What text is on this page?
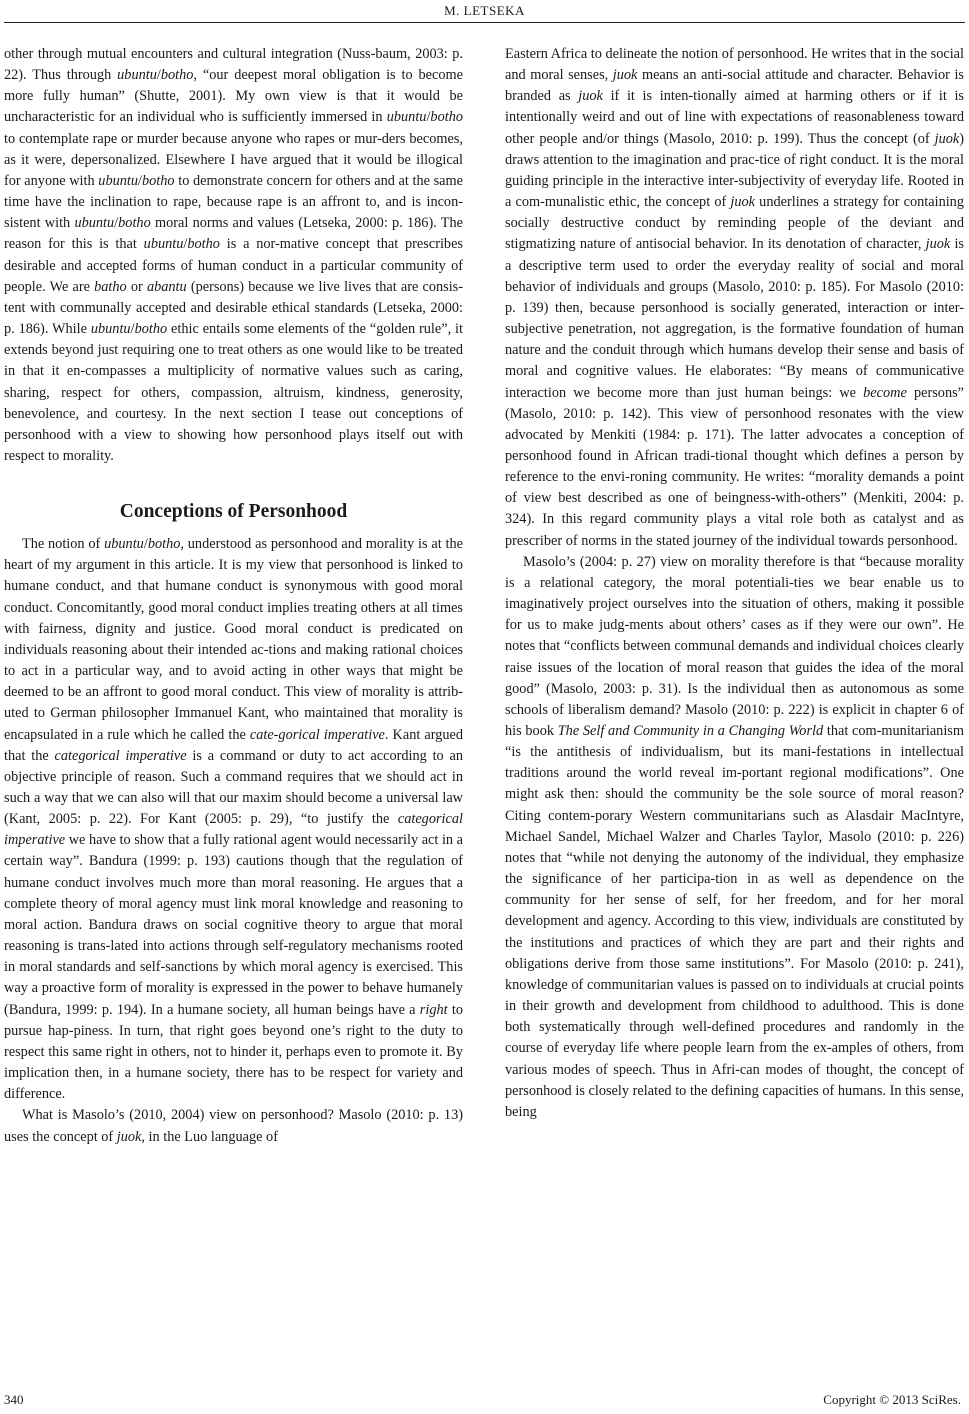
M. LETSEKA

other through mutual encounters and cultural integration (Nuss-baum, 2003: p. 22). Thus through ubuntu/botho, “our deepest moral obligation is to become more fully human” (Shutte, 2001). My own view is that it would be uncharacteristic for an individual who is sufficiently immersed in ubuntu/botho to contemplate rape or murder because anyone who rapes or mur-ders becomes, as it were, depersonalized. Elsewhere I have argued that it would be illogical for anyone with ubuntu/botho to demonstrate concern for others and at the same time have the inclination to rape, because rape is an affront to, and is incon-sistent with ubuntu/botho moral norms and values (Letseka, 2000: p. 186). The reason for this is that ubuntu/botho is a nor-mative concept that prescribes desirable and accepted forms of human conduct in a particular community of people. We are batho or abantu (persons) because we live lives that are consis-tent with communally accepted and desirable ethical standards (Letseka, 2000: p. 186). While ubuntu/botho ethic entails some elements of the “golden rule”, it extends beyond just requiring one to treat others as one would like to be treated in that it en-compasses a multiplicity of normative values such as caring, sharing, respect for others, compassion, altruism, kindness, generosity, benevolence, and courtesy. In the next section I tease out conceptions of personhood with a view to showing how personhood plays itself out with respect to morality.

Conceptions of Personhood

The notion of ubuntu/botho, understood as personhood and morality is at the heart of my argument in this article. It is my view that personhood is linked to humane conduct, and that humane conduct is synonymous with good moral conduct. Concomitantly, good moral conduct implies treating others at all times with fairness, dignity and justice. Good moral conduct is predicated on individuals reasoning about their intended ac-tions and making rational choices to act in a particular way, and to avoid acting in other ways that might be deemed to be an affront to good moral conduct. This view of morality is attrib-uted to German philosopher Immanuel Kant, who maintained that morality is encapsulated in a rule which he called the cate-gorical imperative. Kant argued that the categorical imperative is a command or duty to act according to an objective principle of reason. Such a command requires that we should act in such a way that we can also will that our maxim should become a universal law (Kant, 2005: p. 22). For Kant (2005: p. 29), “to justify the categorical imperative we have to show that a fully rational agent would necessarily act in a certain way”. Bandura (1999: p. 193) cautions though that the regulation of humane conduct involves much more than moral reasoning. He argues that a complete theory of moral agency must link moral knowledge and reasoning to moral action. Bandura draws on social cognitive theory to argue that moral reasoning is trans-lated into actions through self-regulatory mechanisms rooted in moral standards and self-sanctions by which moral agency is exercised. This way a proactive form of morality is expressed in the power to behave humanely (Bandura, 1999: p. 194). In a humane society, all human beings have a right to pursue hap-piness. In turn, that right goes beyond one’s right to the duty to respect this same right in others, not to hinder it, perhaps even to promote it. By implication then, in a humane society, there has to be respect for variety and difference.

What is Masolo’s (2010, 2004) view on personhood? Masolo (2010: p. 13) uses the concept of juok, in the Luo language of

Eastern Africa to delineate the notion of personhood. He writes that in the social and moral senses, juok means an anti-social attitude and character. Behavior is branded as juok if it is inten-tionally aimed at harming others or if it is intentionally weird and out of line with expectations of reasonableness toward other people and/or things (Masolo, 2010: p. 199). Thus the concept (of juok) draws attention to the imagination and prac-tice of right conduct. It is the moral guiding principle in the interactive inter-subjectivity of everyday life. Rooted in a com-munalistic ethic, the concept of juok underlines a strategy for containing socially destructive conduct by reminding people of the deviant and stigmatizing nature of antisocial behavior. In its denotation of character, juok is a descriptive term used to order the everyday reality of social and moral behavior of individuals and groups (Masolo, 2010: p. 185). For Masolo (2010: p. 139) then, because personhood is socially generated, interaction or inter-subjective penetration, not aggregation, is the formative foundation of human nature and the conduit through which humans develop their sense and basis of moral and cognitive values. He elaborates: “By means of communicative interaction we become more than just human beings: we become persons” (Masolo, 2010: p. 142). This view of personhood resonates with the view advocated by Menkiti (1984: p. 171). The latter advocates a conception of personhood found in African tradi-tional thought which defines a person by reference to the envi-roning community. He writes: “morality demands a point of view best described as one of beingness-with-others” (Menkiti, 2004: p. 324). In this regard community plays a vital role both as catalyst and as prescriber of norms in the stated journey of the individual towards personhood.

Masolo’s (2004: p. 27) view on morality therefore is that “because morality is a relational category, the moral potentiali-ties we bear enable us to imaginatively project ourselves into the situation of others, making it possible for us to make judg-ments about others’ cases as if they were our own”. He notes that “conflicts between communal demands and individual choices clearly raise issues of the location of moral reason that guides the idea of the moral good” (Masolo, 2003: p. 31). Is the individual then as autonomous as some schools of liberalism demand? Masolo (2010: p. 222) is explicit in chapter 6 of his book The Self and Community in a Changing World that com-munitarianism “is the antithesis of individualism, but its mani-festations in intellectual traditions around the world reveal im-portant regional modifications”. One might ask then: should the community be the sole source of moral reason? Citing contem-porary Western communitarians such as Alasdair MacIntyre, Michael Sandel, Michael Walzer and Charles Taylor, Masolo (2010: p. 226) notes that “while not denying the autonomy of the individual, they emphasize the significance of her participa-tion in as well as dependence on the community for her sense of self, for her freedom, and for her moral development and agency. According to this view, individuals are constituted by the institutions and practices of which they are part and their rights and obligations derive from those same institutions”. For Masolo (2010: p. 241), knowledge of communitarian values is passed on to individuals at crucial points in their growth and development from childhood to adulthood. This is done both systematically through well-defined procedures and randomly in the course of everyday life where people learn from the ex-amples of others, from various modes of speech. Thus in Afri-can modes of thought, the concept of personhood is closely related to the defining capacities of humans. In this sense, being

340	Copyright © 2013 SciRes.
